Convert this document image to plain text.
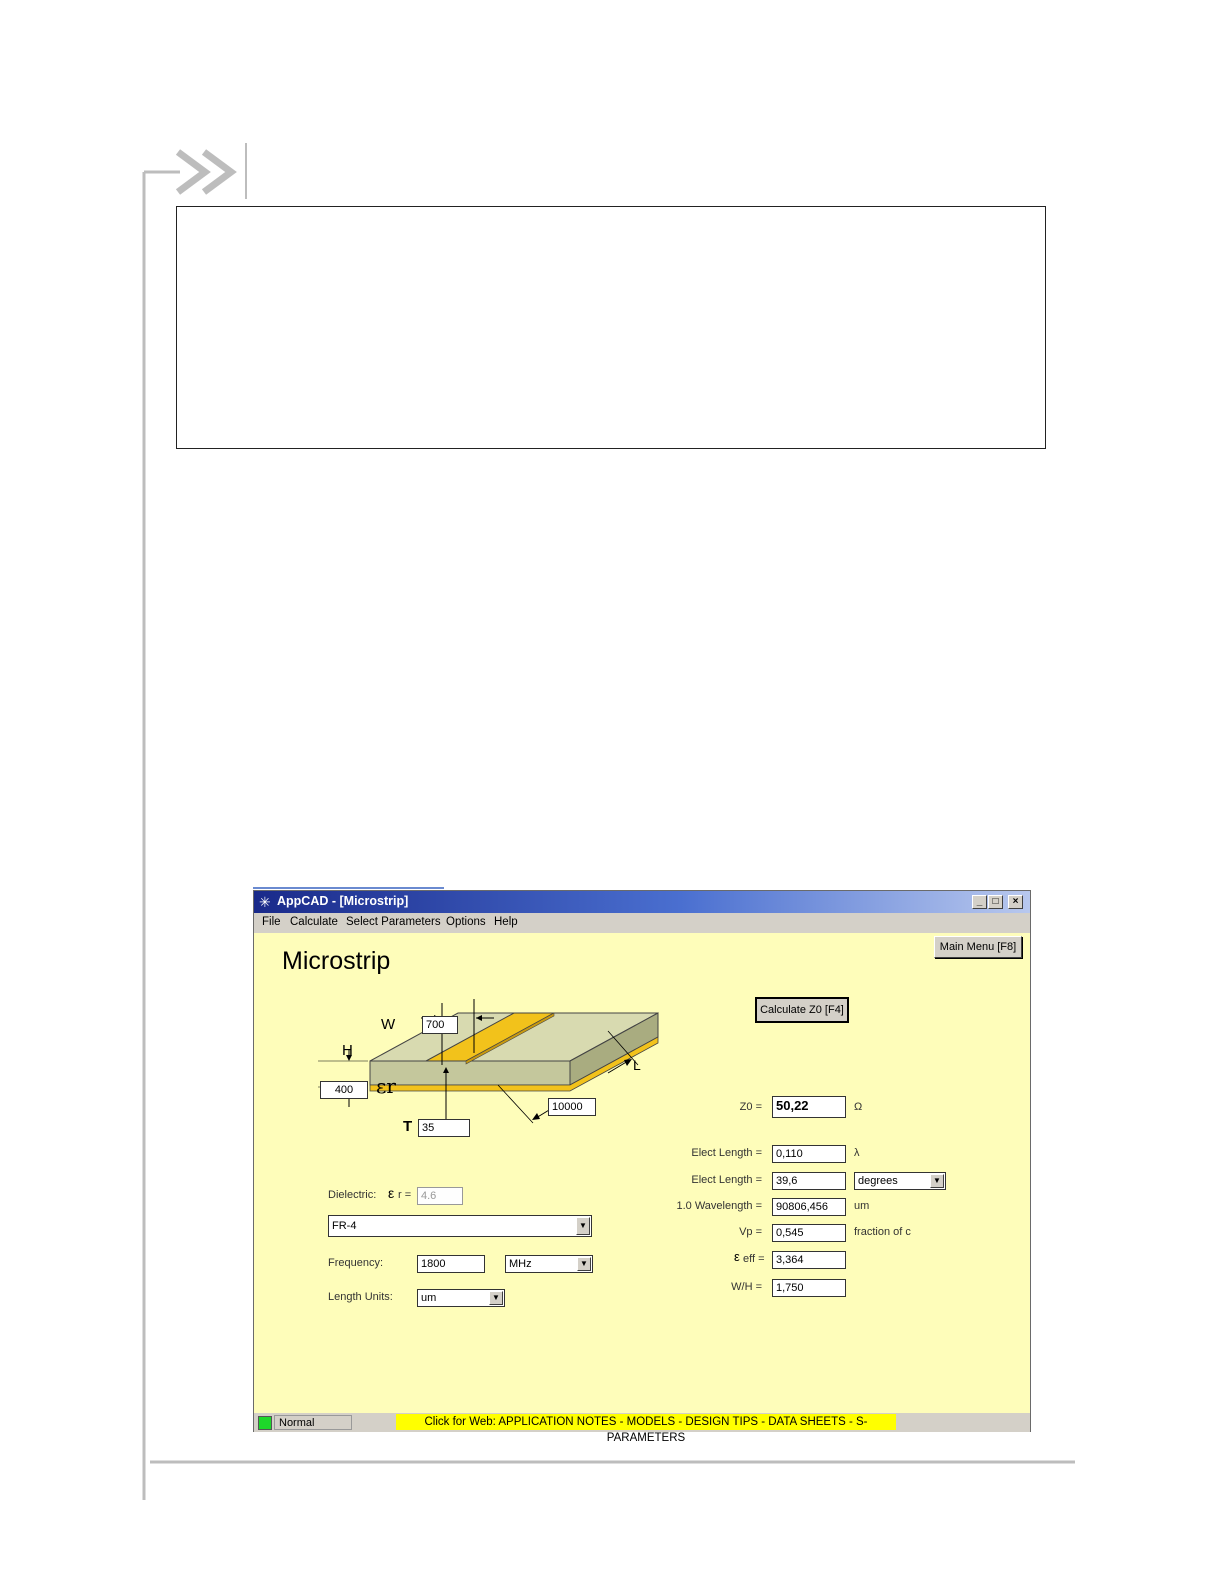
✳ AppCAD - [Microstrip]	_	□	×
File Calculate Select Parameters Options Help
Main Menu [F8]
Microstrip
Calculate Z0 [F4]
W	700
H
400	εr
T 35
L
10000
Dielectric: ε r = 4.6
FR-4	▼
Frequency:	1800	MHz	▼
Length Units:	um	▼
Z0 =	50,22	Ω
Elect Length =	0,110	λ
Elect Length =	39,6	degrees	▼
1.0 Wavelength =	90806,456	um
Vp =	0,545	fraction of c
ε eff =	3,364
W/H =	1,750
Normal	Click for Web: APPLICATION NOTES - MODELS - DESIGN TIPS - DATA SHEETS - S-PARAMETERS
